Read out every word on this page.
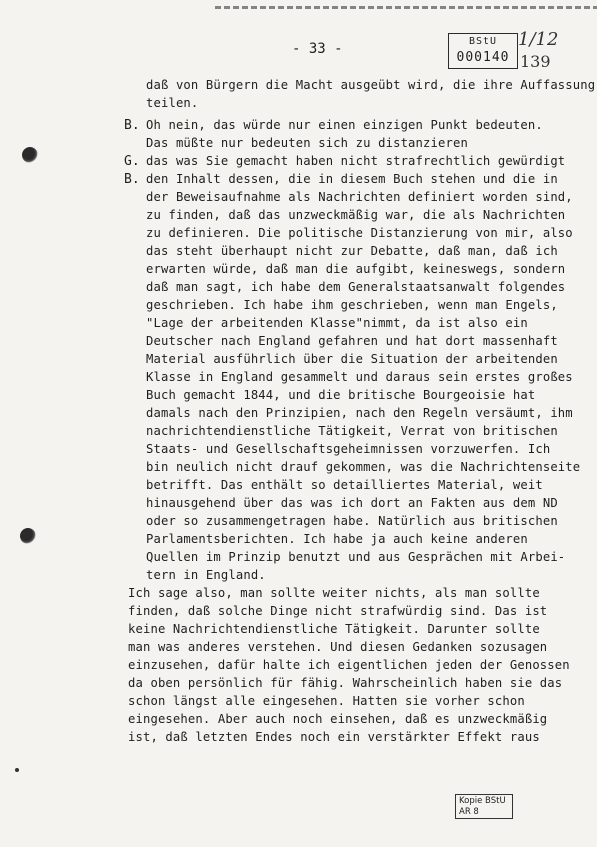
- 33 -	BStU
000140
1/12
139
B.
G.
B.
daß von Bürgern die Macht ausgeübt wird, die ihre Auffassung
teilen.
Oh nein, das würde nur einen einzigen Punkt bedeuten.
Das müßte nur bedeuten sich zu distanzieren
das was Sie gemacht haben nicht strafrechtlich gewürdigt
den Inhalt dessen, die in diesem Buch stehen und die in
der Beweisaufnahme als Nachrichten definiert worden sind,
zu finden, daß das unzweckmäßig war, die als Nachrichten
zu definieren. Die politische Distanzierung von mir, also
das steht überhaupt nicht zur Debatte, daß man, daß ich
erwarten würde, daß man die aufgibt, keineswegs, sondern
daß man sagt, ich habe dem Generalstaatsanwalt folgendes
geschrieben. Ich habe ihm geschrieben, wenn man Engels,
"Lage der arbeitenden Klasse"nimmt, da ist also ein
Deutscher nach England gefahren und hat dort massenhaft
Material ausführlich über die Situation der arbeitenden
Klasse in England gesammelt und daraus sein erstes großes
Buch gemacht 1844, und die britische Bourgeoisie hat
damals nach den Prinzipien, nach den Regeln versäumt, ihm
nachrichtendienstliche Tätigkeit, Verrat von britischen
Staats- und Gesellschaftsgeheimnissen vorzuwerfen. Ich
bin neulich nicht drauf gekommen, was die Nachrichtenseite
betrifft. Das enthält so detailliertes Material, weit
hinausgehend über das was ich dort an Fakten aus dem ND
oder so zusammengetragen habe. Natürlich aus britischen
Parlamentsberichten. Ich habe ja auch keine anderen
Quellen im Prinzip benutzt und aus Gesprächen mit Arbei-
tern in England.
Ich sage also, man sollte weiter nichts, als man sollte
finden, daß solche Dinge nicht strafwürdig sind. Das ist
keine Nachrichtendienstliche Tätigkeit. Darunter sollte
man was anderes verstehen. Und diesen Gedanken sozusagen
einzusehen, dafür halte ich eigentlichen jeden der Genossen
da oben persönlich für fähig. Wahrscheinlich haben sie das
schon längst alle eingesehen. Hatten sie vorher schon
eingesehen. Aber auch noch einsehen, daß es unzweckmäßig
ist, daß letzten Endes noch ein verstärkter Effekt raus
Kopie BStU
AR 8
